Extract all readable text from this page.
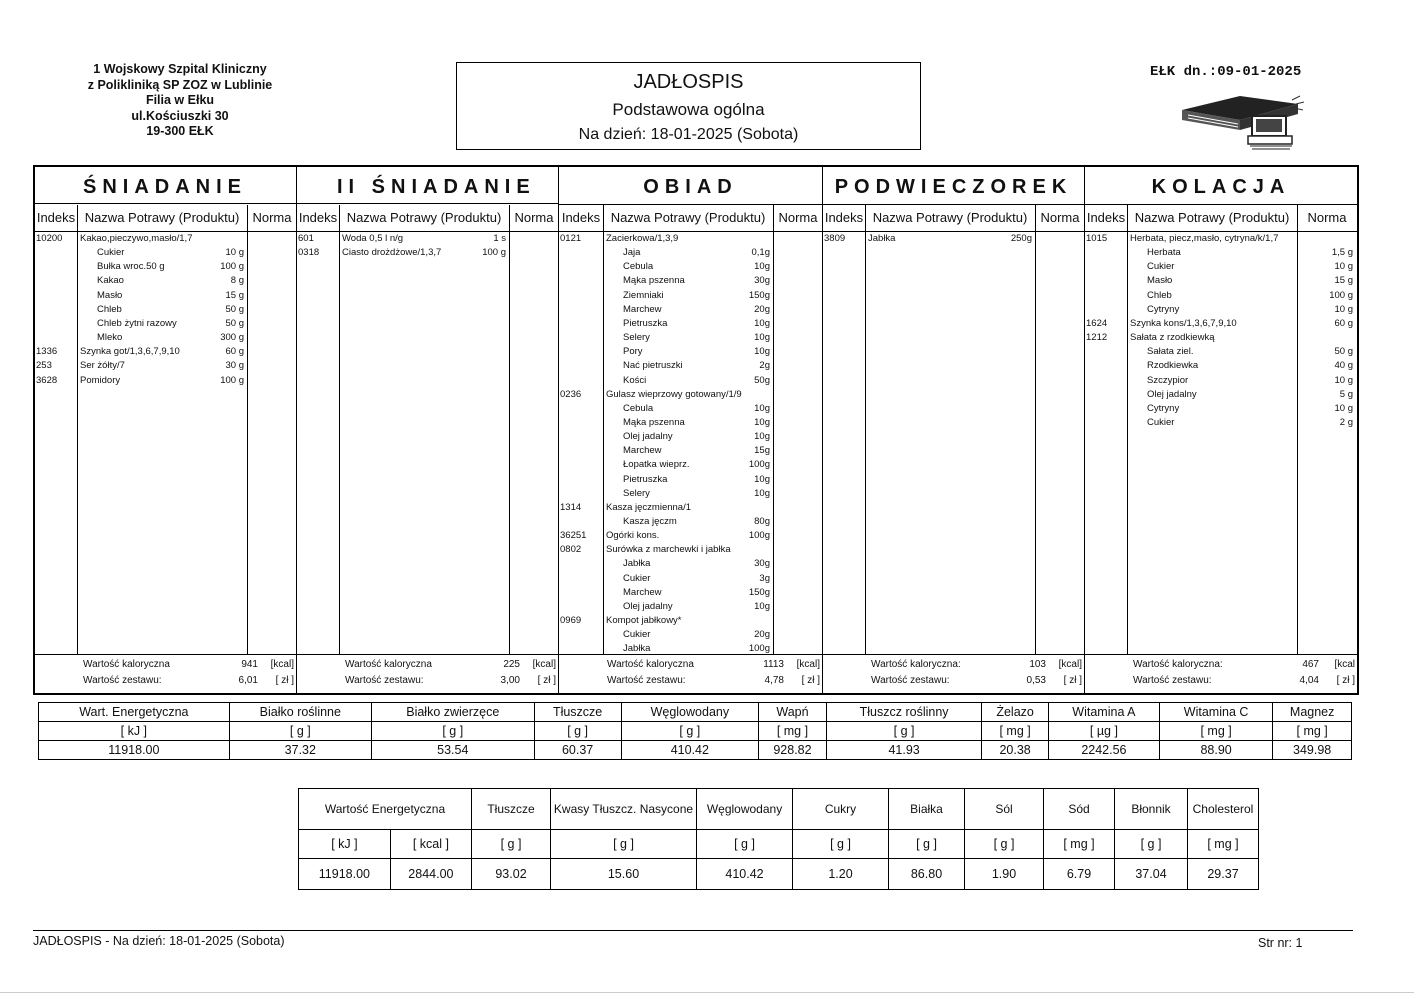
1 Wojskowy Szpital Kliniczny
z Polikliniką SP ZOZ w Lublinie
Filia w Ełku
ul.Kościuszki 30
19-300 EŁK
JADŁOSPIS
Podstawowa ogólna
Na dzień: 18-01-2025 (Sobota)
EŁK dn.:09-01-2025
ŚNIADANIE
Indeks Nazwa Potrawy (Produktu)	Norma
10200 Kakao,pieczywo,masło/1,7
Cukier	10 g
Bułka wroc.50 g	100 g
Kakao	8 g
Masło	15 g
Chleb	50 g
Chleb żytni razowy	50 g
Mleko	300 g
1336 Szynka got/1,3,6,7,9,10	60 g
253	Ser żółty/7	30 g
3628 Pomidory	100 g
Wartość kaloryczna	941 [kcal]
Wartość zestawu:	6,01 [ zł ]
II ŚNIADANIE
Indeks Nazwa Potrawy (Produktu)	Norma
601	Woda 0,5 l n/g	1 s
0318 Ciasto drożdżowe/1,3,7	100 g
Wartość kaloryczna	225 [kcal]
Wartość zestawu:	3,00 [ zł ]
OBIAD
Indeks Nazwa Potrawy (Produktu)	Norma
0121	Zacierkowa/1,3,9
Jaja	0,1g
Cebula	10g
Mąka pszenna	30g
Ziemniaki	150g
Marchew	20g
Pietruszka	10g
Selery	10g
Pory	10g
Nać pietruszki	2g
Kości	50g
0236	Gulasz wieprzowy gotowany/1/9
Cebula	10g
Mąka pszenna	10g
Olej jadalny	10g
Marchew	15g
Łopatka wieprz.	100g
Pietruszka	10g
Selery	10g
1314	Kasza jęczmienna/1
Kasza jęczm	80g
36251 Ogórki kons.	100g
0802	Surówka z marchewki i jabłka
Jabłka	30g
Cukier	3g
Marchew	150g
Olej jadalny	10g
0969	Kompot jabłkowy*
Cukier	20g
Jabłka	100g
Wartość kaloryczna	1113 [kcal]
Wartość zestawu:	4,78 [ zł ]
PODWIECZOREK
Indeks Nazwa Potrawy (Produktu)	Norma
3809 Jabłka	250g
Wartość kaloryczna:	103 [kcal]
Wartość zestawu:	0,53 [ zł ]
KOLACJA
Indeks Nazwa Potrawy (Produktu)	Norma
1015 Herbata, piecz,masło, cytryna/k/1,7
Herbata	1,5 g
Cukier	10 g
Masło	15 g
Chleb	100 g
Cytryny	10 g
1624 Szynka kons/1,3,6,7,9,10	60 g
1212 Sałata z rzodkiewką
Sałata ziel.	50 g
Rzodkiewka	40 g
Szczypior	10 g
Olej jadalny	5 g
Cytryny	10 g
Cukier	2 g
Wartość kaloryczna:	467 [kcal
Wartość zestawu:	4,04 [ zł ]
Wart. Energetyczna	Białko roślinne	Białko zwierzęce	Tłuszcze	Węglowodany	Wapń	Tłuszcz roślinny	Żelazo	Witamina A	Witamina C	Magnez
[ kJ ]	[ g ]	[ g ]	[ g ]	[ g ]	[ mg ]	[ g ]	[ mg ]	[ µg ]	[ mg ]	[ mg ]
11918.00	37.32	53.54	60.37	410.42	928.82	41.93	20.38	2242.56	88.90	349.98
Wartość Energetyczna		Tłuszcze	Kwasy Tłuszcz. Nasycone	Węglowodany	Cukry	Białka	Sól	Sód	Błonnik	Cholesterol
[ kJ ]	[ kcal ]	[ g ]	[ g ]	[ g ]	[ g ]	[ g ]	[ g ]	[ mg ]	[ g ]	[ mg ]
11918.00	2844.00	93.02	15.60	410.42	1.20	86.80	1.90	6.79	37.04	29.37
JADŁOSPIS - Na dzień: 18-01-2025 (Sobota)	Str nr: 1
